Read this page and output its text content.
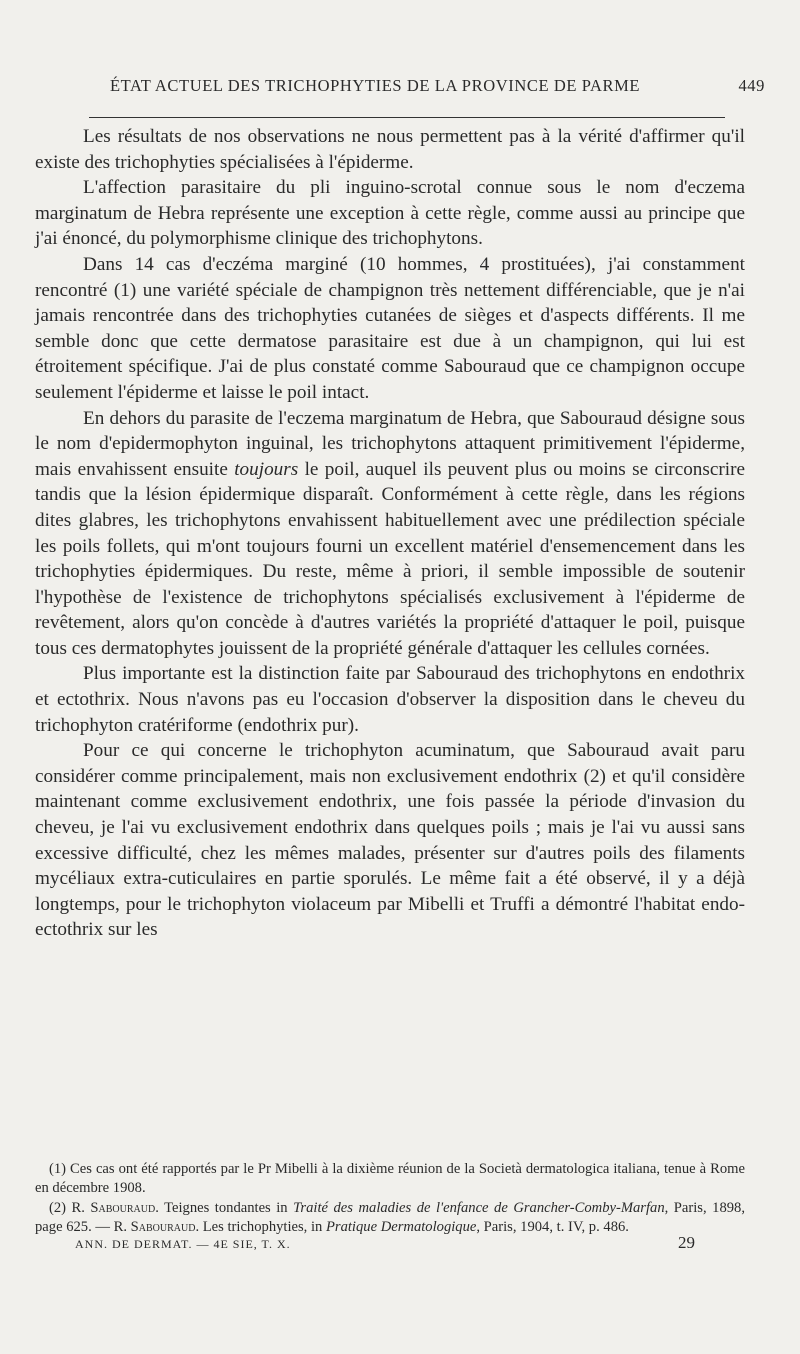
ÉTAT ACTUEL DES TRICHOPHYTIES DE LA PROVINCE DE PARME	449

Les résultats de nos observations ne nous permettent pas à la vérité d'affirmer qu'il existe des trichophyties spécialisées à l'épiderme.

L'affection parasitaire du pli inguino-scrotal connue sous le nom d'eczema marginatum de Hebra représente une exception à cette règle, comme aussi au principe que j'ai énoncé, du polymorphisme clinique des trichophytons.

Dans 14 cas d'eczéma marginé (10 hommes, 4 prostituées), j'ai constamment rencontré (1) une variété spéciale de champignon très nettement différenciable, que je n'ai jamais rencontrée dans des trichophyties cutanées de sièges et d'aspects différents. Il me semble donc que cette dermatose parasitaire est due à un champignon, qui lui est étroitement spécifique. J'ai de plus constaté comme Sabouraud que ce champignon occupe seulement l'épiderme et laisse le poil intact.

En dehors du parasite de l'eczema marginatum de Hebra, que Sabouraud désigne sous le nom d'epidermophyton inguinal, les trichophytons attaquent primitivement l'épiderme, mais envahissent ensuite toujours le poil, auquel ils peuvent plus ou moins se circonscrire tandis que la lésion épidermique disparaît. Conformément à cette règle, dans les régions dites glabres, les trichophytons envahissent habituellement avec une prédilection spéciale les poils follets, qui m'ont toujours fourni un excellent matériel d'ensemencement dans les trichophyties épidermiques. Du reste, même à priori, il semble impossible de soutenir l'hypothèse de l'existence de trichophytons spécialisés exclusivement à l'épiderme de revêtement, alors qu'on concède à d'autres variétés la propriété d'attaquer le poil, puisque tous ces dermatophytes jouissent de la propriété générale d'attaquer les cellules cornées.

Plus importante est la distinction faite par Sabouraud des trichophytons en endothrix et ectothrix. Nous n'avons pas eu l'occasion d'observer la disposition dans le cheveu du trichophyton cratériforme (endothrix pur).

Pour ce qui concerne le trichophyton acuminatum, que Sabouraud avait paru considérer comme principalement, mais non exclusivement endothrix (2) et qu'il considère maintenant comme exclusivement endothrix, une fois passée la période d'invasion du cheveu, je l'ai vu exclusivement endothrix dans quelques poils ; mais je l'ai vu aussi sans excessive difficulté, chez les mêmes malades, présenter sur d'autres poils des filaments mycéliaux extra-cuticulaires en partie sporulés. Le même fait a été observé, il y a déjà longtemps, pour le trichophyton violaceum par Mibelli et Truffi a démontré l'habitat endo-ectothrix sur les

(1) Ces cas ont été rapportés par le Pr Mibelli à la dixième réunion de la Società dermatologica italiana, tenue à Rome en décembre 1908.

(2) R. Sabouraud. Teignes tondantes in Traité des maladies de l'enfance de Grancher-Comby-Marfan, Paris, 1898, page 625. — R. Sabouraud. Les trichophyties, in Pratique Dermatologique, Paris, 1904, t. IV, p. 486.

ANN. DE DERMAT. — 4E SIE, T. X.	29
